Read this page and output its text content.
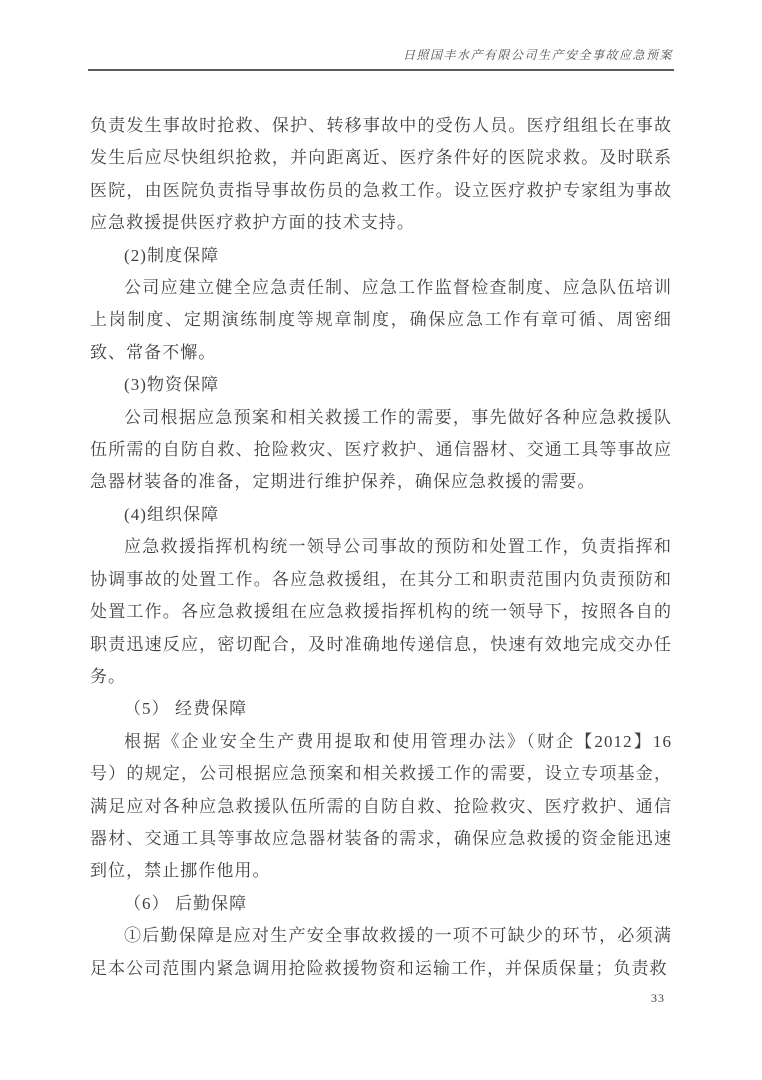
日照国丰水产有限公司生产安全事故应急预案

负责发生事故时抢救、保护、转移事故中的受伤人员。医疗组组长在事故发生后应尽快组织抢救，并向距离近、医疗条件好的医院求救。及时联系医院，由医院负责指导事故伤员的急救工作。设立医疗救护专家组为事故应急救援提供医疗救护方面的技术支持。

(2)制度保障

公司应建立健全应急责任制、应急工作监督检查制度、应急队伍培训上岗制度、定期演练制度等规章制度，确保应急工作有章可循、周密细致、常备不懈。

(3)物资保障

公司根据应急预案和相关救援工作的需要，事先做好各种应急救援队伍所需的自防自救、抢险救灾、医疗救护、通信器材、交通工具等事故应急器材装备的准备，定期进行维护保养，确保应急救援的需要。

(4)组织保障

应急救援指挥机构统一领导公司事故的预防和处置工作，负责指挥和协调事故的处置工作。各应急救援组，在其分工和职责范围内负责预防和处置工作。各应急救援组在应急救援指挥机构的统一领导下，按照各自的职责迅速反应，密切配合，及时准确地传递信息，快速有效地完成交办任务。

（5） 经费保障

根据《企业安全生产费用提取和使用管理办法》（财企【2012】16 号）的规定，公司根据应急预案和相关救援工作的需要，设立专项基金，满足应对各种应急救援队伍所需的自防自救、抢险救灾、医疗救护、通信器材、交通工具等事故应急器材装备的需求，确保应急救援的资金能迅速到位，禁止挪作他用。

（6） 后勤保障

①后勤保障是应对生产安全事故救援的一项不可缺少的环节，必须满足本公司范围内紧急调用抢险救援物资和运输工作，并保质保量；负责救

33
